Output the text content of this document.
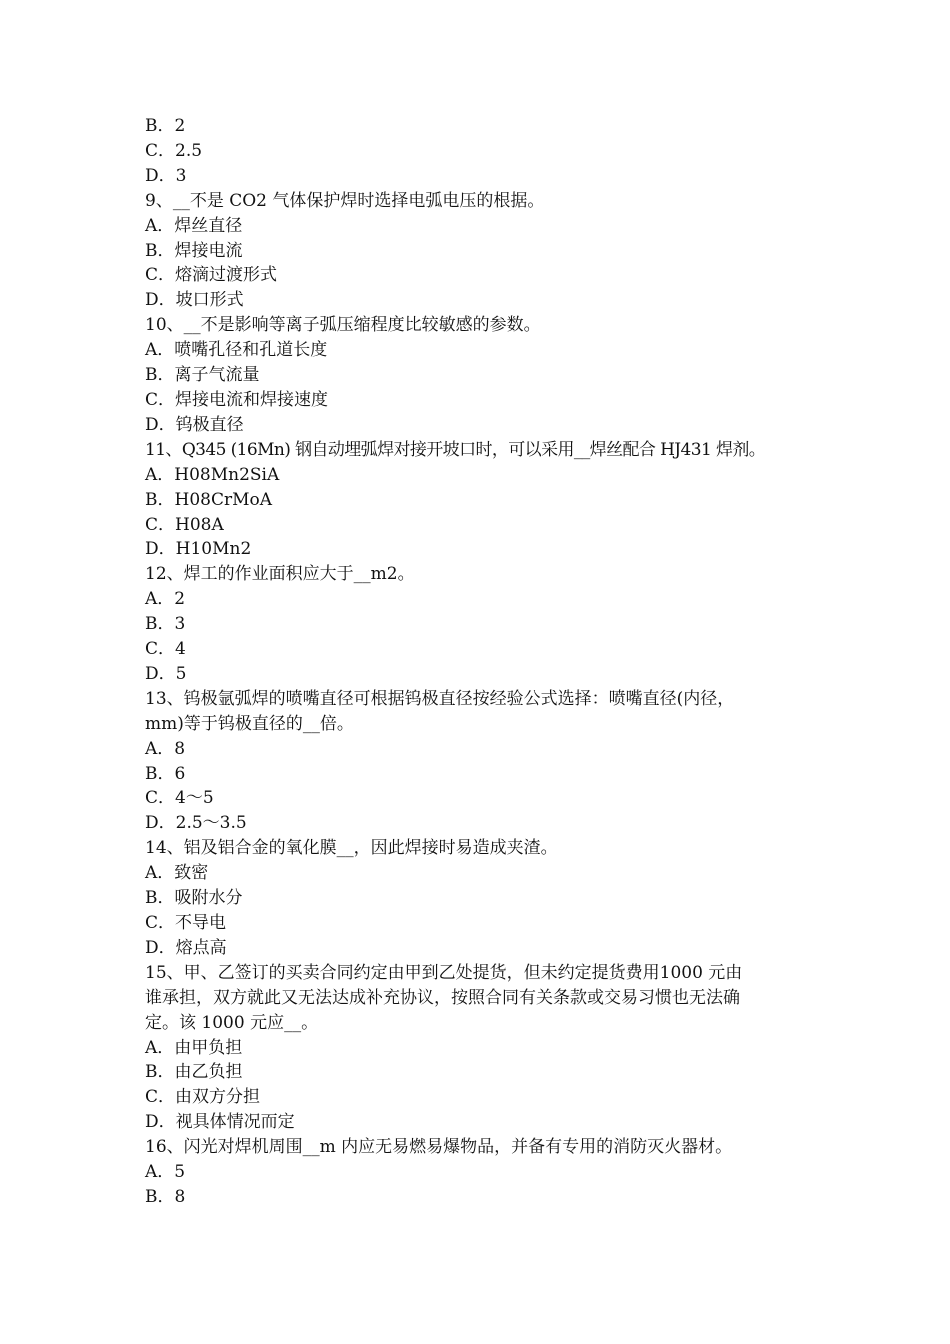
B．2
C．2.5
D．3
9、__不是 CO2 气体保护焊时选择电弧电压的根据。
A．焊丝直径
B．焊接电流
C．熔滴过渡形式
D．坡口形式
10、__不是影响等离子弧压缩程度比较敏感的参数。
A．喷嘴孔径和孔道长度
B．离子气流量
C．焊接电流和焊接速度
D．钨极直径
11、Q345 (16Mn) 钢自动埋弧焊对接开坡口时，可以采用__焊丝配合 HJ431 焊剂。
A．H08Mn2SiA
B．H08CrMoA
C．H08A
D．H10Mn2
12、焊工的作业面积应大于__m2。
A．2
B．3
C．4
D．5
13、钨极氩弧焊的喷嘴直径可根据钨极直径按经验公式选择：喷嘴直径(内径，
mm)等于钨极直径的__倍。
A．8
B．6
C．4～5
D．2.5～3.5
14、铝及铝合金的氧化膜__，因此焊接时易造成夹渣。
A．致密
B．吸附水分
C．不导电
D．熔点高
15、甲、乙签订的买卖合同约定由甲到乙处提货，但未约定提货费用1000 元由
谁承担，双方就此又无法达成补充协议，按照合同有关条款或交易习惯也无法确
定。该 1000 元应__。
A．由甲负担
B．由乙负担
C．由双方分担
D．视具体情况而定
16、闪光对焊机周围__m 内应无易燃易爆物品，并备有专用的消防灭火器材。
A．5
B．8
